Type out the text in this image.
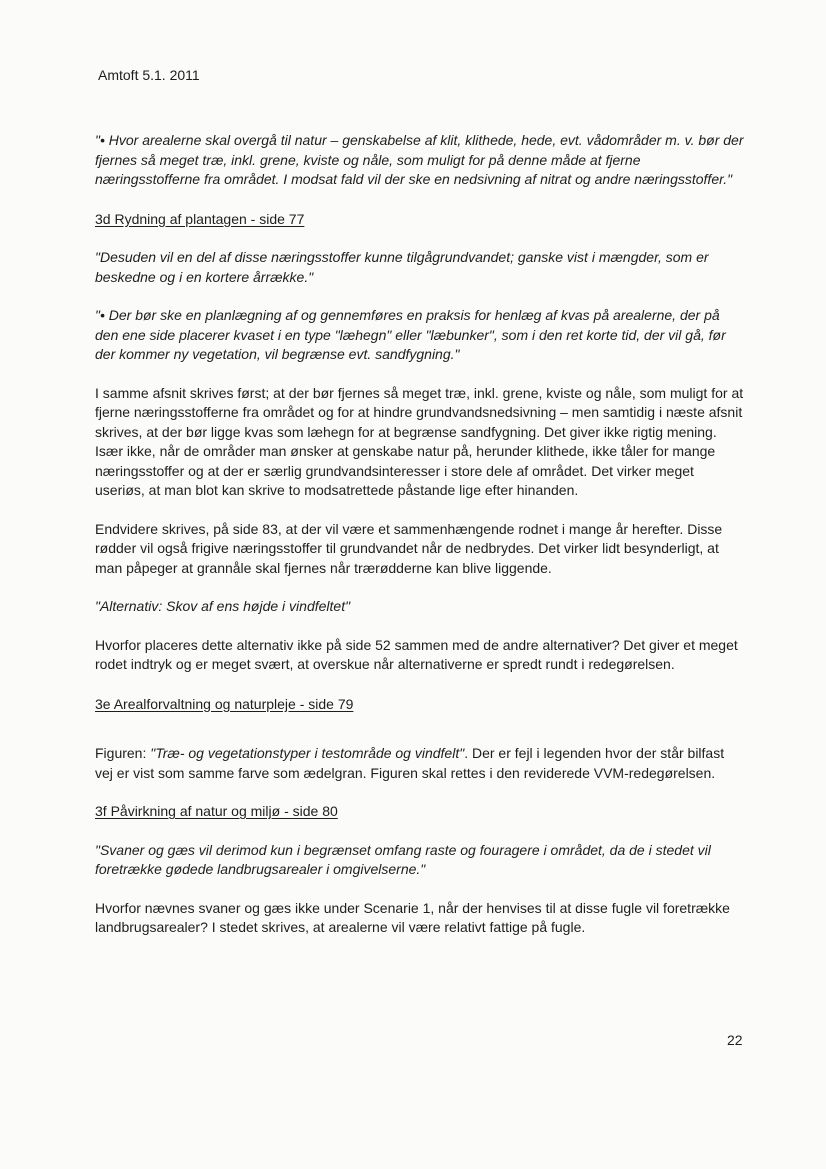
Amtoft 5.1. 2011

"• Hvor arealerne skal overgå til natur – genskabelse af klit, klithede, hede, evt. vådområder m. v. bør der fjernes så meget træ, inkl. grene, kviste og nåle, som muligt for på denne måde at fjerne næringsstofferne fra området. I modsat fald vil der ske en nedsivning af nitrat og andre næringsstoffer."

3d Rydning af plantagen - side 77

"Desuden vil en del af disse næringsstoffer kunne tilgågrundvandet; ganske vist i mængder, som er beskedne og i en kortere årrække."

"• Der bør ske en planlægning af og gennemføres en praksis for henlæg af kvas på arealerne, der på den ene side placerer kvaset i en type "læhegn" eller "læbunker", som i den ret korte tid, der vil gå, før der kommer ny vegetation, vil begrænse evt. sandfygning."

I samme afsnit skrives først; at der bør fjernes så meget træ, inkl. grene, kviste og nåle, som muligt for at fjerne næringsstofferne fra området og for at hindre grundvandsnedsivning – men samtidig i næste afsnit skrives, at der bør ligge kvas som læhegn for at begrænse sandfygning. Det giver ikke rigtig mening. Især ikke, når de områder man ønsker at genskabe natur på, herunder klithede, ikke tåler for mange næringsstoffer og at der er særlig grundvandsinteresser i store dele af området. Det virker meget useriøs, at man blot kan skrive to modsatrettede påstande lige efter hinanden.

Endvidere skrives, på side 83, at der vil være et sammenhængende rodnet i mange år herefter. Disse rødder vil også frigive næringsstoffer til grundvandet når de nedbrydes. Det virker lidt besynderligt, at man påpeger at grannåle skal fjernes når trærødderne kan blive liggende.

"Alternativ: Skov af ens højde i vindfeltet"

Hvorfor placeres dette alternativ ikke på side 52 sammen med de andre alternativer? Det giver et meget rodet indtryk og er meget svært, at overskue når alternativerne er spredt rundt i redegørelsen.

3e Arealforvaltning og naturpleje - side 79

Figuren: "Træ- og vegetationstyper i testområde og vindfelt". Der er fejl i legenden hvor der står bilfast vej er vist som samme farve som ædelgran. Figuren skal rettes i den reviderede VVM-redegørelsen.

3f Påvirkning af natur og miljø - side 80

"Svaner og gæs vil derimod kun i begrænset omfang raste og fouragere i området, da de i stedet vil foretrække gødede landbrugsarealer i omgivelserne."

Hvorfor nævnes svaner og gæs ikke under Scenarie 1, når der henvises til at disse fugle vil foretrække landbrugsarealer? I stedet skrives, at arealerne vil være relativt fattige på fugle.

22
